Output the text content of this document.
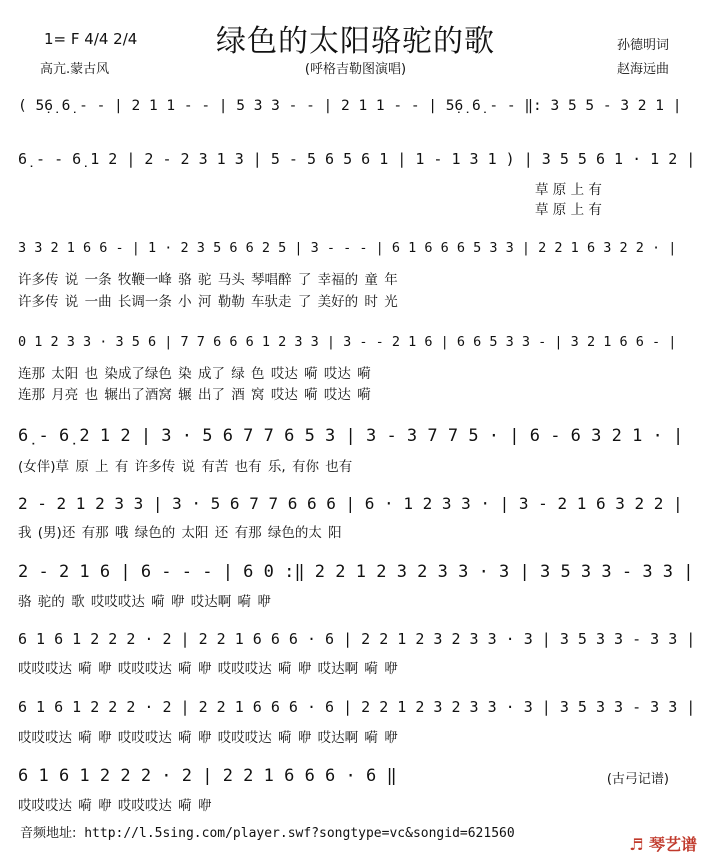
1= F 4/4 2/4
高亢.蒙古风
绿色的太阳骆驼的歌
(呼格吉勒图演唱)
孙德明词
赵海远曲
( 5̣6̣ 6̣ - - | 2 1 1 - - | 5 3 3 - - | 2 1 1 - - | 5̣6̣ 6̣ - - ‖: 3 5 5 - 3 2 1 |
6̣ - - 6̣ 1 2 | 2 - 2 3 1 3 | 5 - 5 6 5 6 1 | 1 - 1 3 1 ) | 3 5 5 6 1 · 1 2 |
草 原 上 有
草 原 上 有
3 3 2 1 6 6 - | 1 · 2 3 5 6 6 2 5 | 3 - - - | 6 1 6 6 6 5 3 3 | 2 2 1 6 3 2 2 · |
许多传 说 一条 牧鞭一峰 骆 驼 马头 琴唱醉 了 幸福的 童 年
许多传 说 一曲 长调一条 小 河 勒勒 车驮走 了 美好的 时 光
0 1 2 3 3 · 3 5 6 | 7 7 6 6 6 1 2 3 3 | 3 - - 2 1 6 | 6 6 5 3 3 - | 3 2 1 6 6 - |
连那 太阳 也 染成了绿色 染 成了 绿 色 哎达 嗬 哎达 嗬
连那 月亮 也 辗出了酒窝 辗 出了 酒 窝 哎达 嗬 哎达 嗬
6̣ - 6̣ 2 1 2 | 3 · 5 6 7 7 6 5 3 | 3 - 3 7 7 5 · | 6 - 6 3 2 1 · |
(女伴)草 原 上 有 许多传 说 有苦 也有 乐, 有你 也有
2 - 2 1 2 3 3 | 3 · 5 6 7 7 6 6 6 | 6 · 1 2 3 3 · | 3 - 2 1 6 3 2 2 |
我 (男)还 有那 哦 绿色的 太阳 还 有那 绿色的太 阳
2 - 2 1 6 | 6 - - - | 6 0 :‖ 2 2 1 2 3 2 3 3 · 3 | 3 5 3 3 - 3 3 |
骆 驼的 歌 哎哎哎达 嗬 咿 哎达啊 嗬 咿
6 1 6 1 2 2 2 · 2 | 2 2 1 6 6 6 · 6 | 2 2 1 2 3 2 3 3 · 3 | 3 5 3 3 - 3 3 |
哎哎哎达 嗬 咿 哎哎哎达 嗬 咿 哎哎哎达 嗬 咿 哎达啊 嗬 咿
6 1 6 1 2 2 2 · 2 | 2 2 1 6 6 6 · 6 | 2 2 1 2 3 2 3 3 · 3 | 3 5 3 3 - 3 3 |
哎哎哎达 嗬 咿 哎哎哎达 嗬 咿 哎哎哎达 嗬 咿 哎达啊 嗬 咿
6 1 6 1 2 2 2 · 2 | 2 2 1 6 6 6 · 6 ‖
哎哎哎达 嗬 咿 哎哎哎达 嗬 咿
(古弓记谱)
音频地址: http://l.5sing.com/player.swf?songtype=vc&songid=621560
♬ 琴艺谱
